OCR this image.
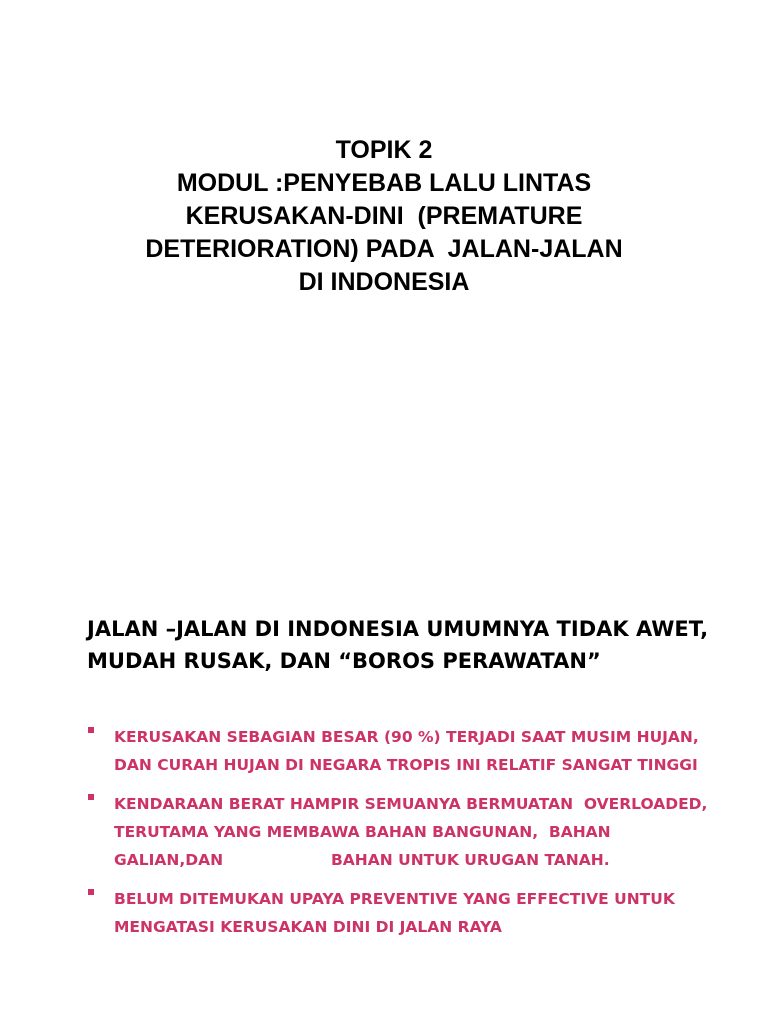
TOPIK 2
MODUL :PENYEBAB LALU LINTAS
KERUSAKAN-DINI  (PREMATURE
DETERIORATION) PADA  JALAN-JALAN
DI INDONESIA
JALAN –JALAN DI INDONESIA UMUMNYA TIDAK AWET,
MUDAH RUSAK, DAN “BOROS PERAWATAN”
KERUSAKAN SEBAGIAN BESAR (90 %) TERJADI SAAT MUSIM HUJAN,
DAN CURAH HUJAN DI NEGARA TROPIS INI RELATIF SANGAT TINGGI
KENDARAAN BERAT HAMPIR SEMUANYA BERMUATAN  OVERLOADED,
TERUTAMA YANG MEMBAWA BAHAN BANGUNAN,  BAHAN
GALIAN,DAN                    BAHAN UNTUK URUGAN TANAH.
BELUM DITEMUKAN UPAYA PREVENTIVE YANG EFFECTIVE UNTUK
MENGATASI KERUSAKAN DINI DI JALAN RAYA
